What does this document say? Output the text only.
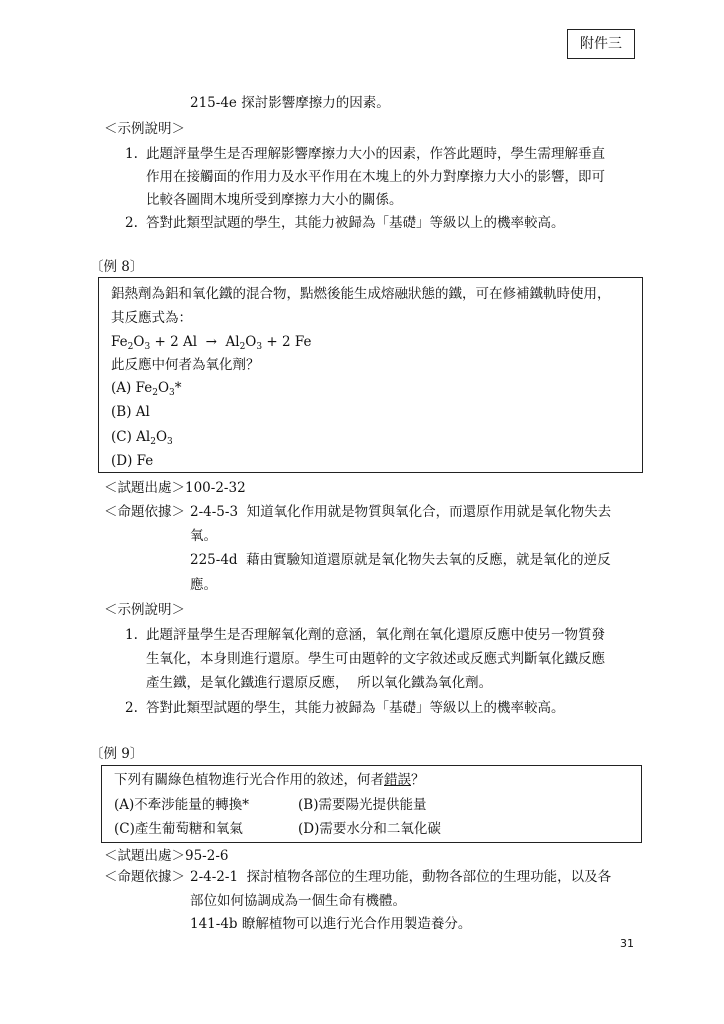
附件三
215-4e 探討影響摩擦力的因素。
＜示例說明＞
1. 此題評量學生是否理解影響摩擦力大小的因素，作答此題時，學生需理解垂直
作用在接觸面的作用力及水平作用在木塊上的外力對摩擦力大小的影響，即可
比較各圖間木塊所受到摩擦力大小的關係。
2. 答對此類型試題的學生，其能力被歸為「基礎」等級以上的機率較高。
〔例 8〕
鋁熱劑為鋁和氧化鐵的混合物，點燃後能生成熔融狀態的鐵，可在修補鐵軌時使用，
其反應式為：
$Fe_2O_3 + 2$ $Al \to Al_2O_3 + 2$ Fe
此反應中何者為氧化劑？
(A) $Fe_2O_3*$
(B) Al
(C) $Al_2O_3$
(D) Fe
＜試題出處＞100-2-32
＜命題依據＞ 2-4-5-3  知道氧化作用就是物質與氧化合，而還原作用就是氧化物失去
氧。
225-4d  藉由實驗知道還原就是氧化物失去氧的反應，就是氧化的逆反
應。
＜示例說明＞
1. 此題評量學生是否理解氧化劑的意涵，氧化劑在氧化還原反應中使另一物質發
生氧化，本身則進行還原。學生可由題幹的文字敘述或反應式判斷氧化鐵反應
產生鐵，是氧化鐵進行還原反應，  所以氧化鐵為氧化劑。
2. 答對此類型試題的學生，其能力被歸為「基礎」等級以上的機率較高。
〔例 9〕
下列有關綠色植物進行光合作用的敘述，何者錯誤？
(A)不牽涉能量的轉換*	(B)需要陽光提供能量
(C)產生葡萄糖和氧氣	(D)需要水分和二氧化碳
＜試題出處＞95-2-6
＜命題依據＞ 2-4-2-1  探討植物各部位的生理功能，動物各部位的生理功能，以及各
部位如何協調成為一個生命有機體。
141-4b 瞭解植物可以進行光合作用製造養分。
31
